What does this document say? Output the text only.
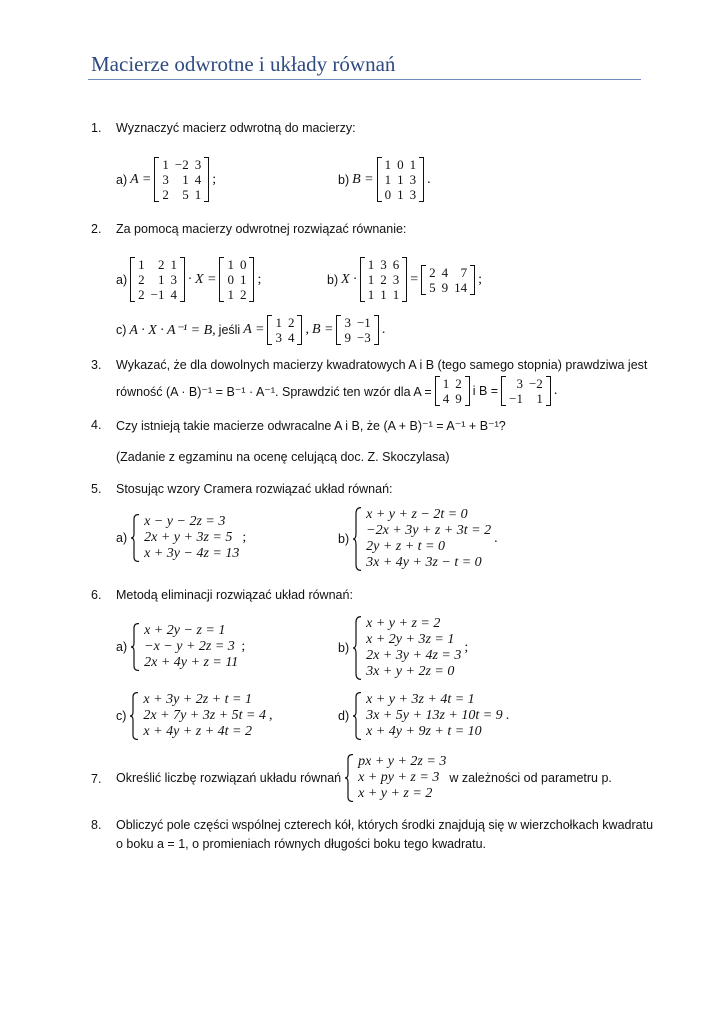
Macierze odwrotne i układy równań
1. Wyznaczyć macierz odwrotną do macierzy:
a) A =
1 −2 3
3	1 4
2	5 1
;	b) B =
1 0 1
1 1 3
0 1 3
.
2. Za pomocą macierzy odwrotnej rozwiązać równanie:
a)
1	2 1
2	1 3
2 −1 4
· X =
1 0
0 1
1 2
;	b) X ·
1 3 6
1 2 3
1 1 1
= 2 4 7
5 9 14
;
c) A · X · A⁻¹ = B, jeśli A = 1 2
3 4
, B = 3 −1
9 −3
.
3. Wykazać, że dla dowolnych macierzy kwadratowych A i B (tego samego stopnia) prawdziwa jest
równość (A · B)⁻¹ = B⁻¹ · A⁻¹. Sprawdzić ten wzór dla A =
1 2
4 9 i B =	3 −2
−1	1
.
4. Czy istnieją takie macierze odwracalne A i B, że (A + B)⁻¹ = A⁻¹ + B⁻¹?
(Zadanie z egzaminu na ocenę celującą doc. Z. Skoczylasa)
5. Stosując wzory Cramera rozwiązać układ równań:
a)
x − y − 2z = 3
2x + y + 3z = 5
x + 3y − 4z = 13
;	b)
x + y + z − 2t = 0
−2x + 3y + z + 3t = 2
2y + z + t = 0
3x + 4y + 3z − t = 0
.
6. Metodą eliminacji rozwiązać układ równań:
a)
x + 2y − z = 1
−x − y + 2z = 3
2x + 4y + z = 11
;	b)
x + y + z = 2
x + 2y + 3z = 1
2x + 3y + 4z = 3
3x + y + 2z = 0
;
c)
x + 3y + 2z + t = 1
2x + 7y + 3z + 5t = 4
x + 4y + z + 4t = 2
,	d)
x + y + 3z + 4t = 1
3x + 5y + 13z + 10t = 9
x + 4y + 9z + t = 10
.
7. Określić liczbę rozwiązań układu równań
px + y + 2z = 3
x + py + z = 3
x + y + z = 2
w zależności od parametru p.
8. Obliczyć pole części wspólnej czterech kół, których środki znajdują się w wierzchołkach kwadratu
o boku a = 1, o promieniach równych długości boku tego kwadratu.
